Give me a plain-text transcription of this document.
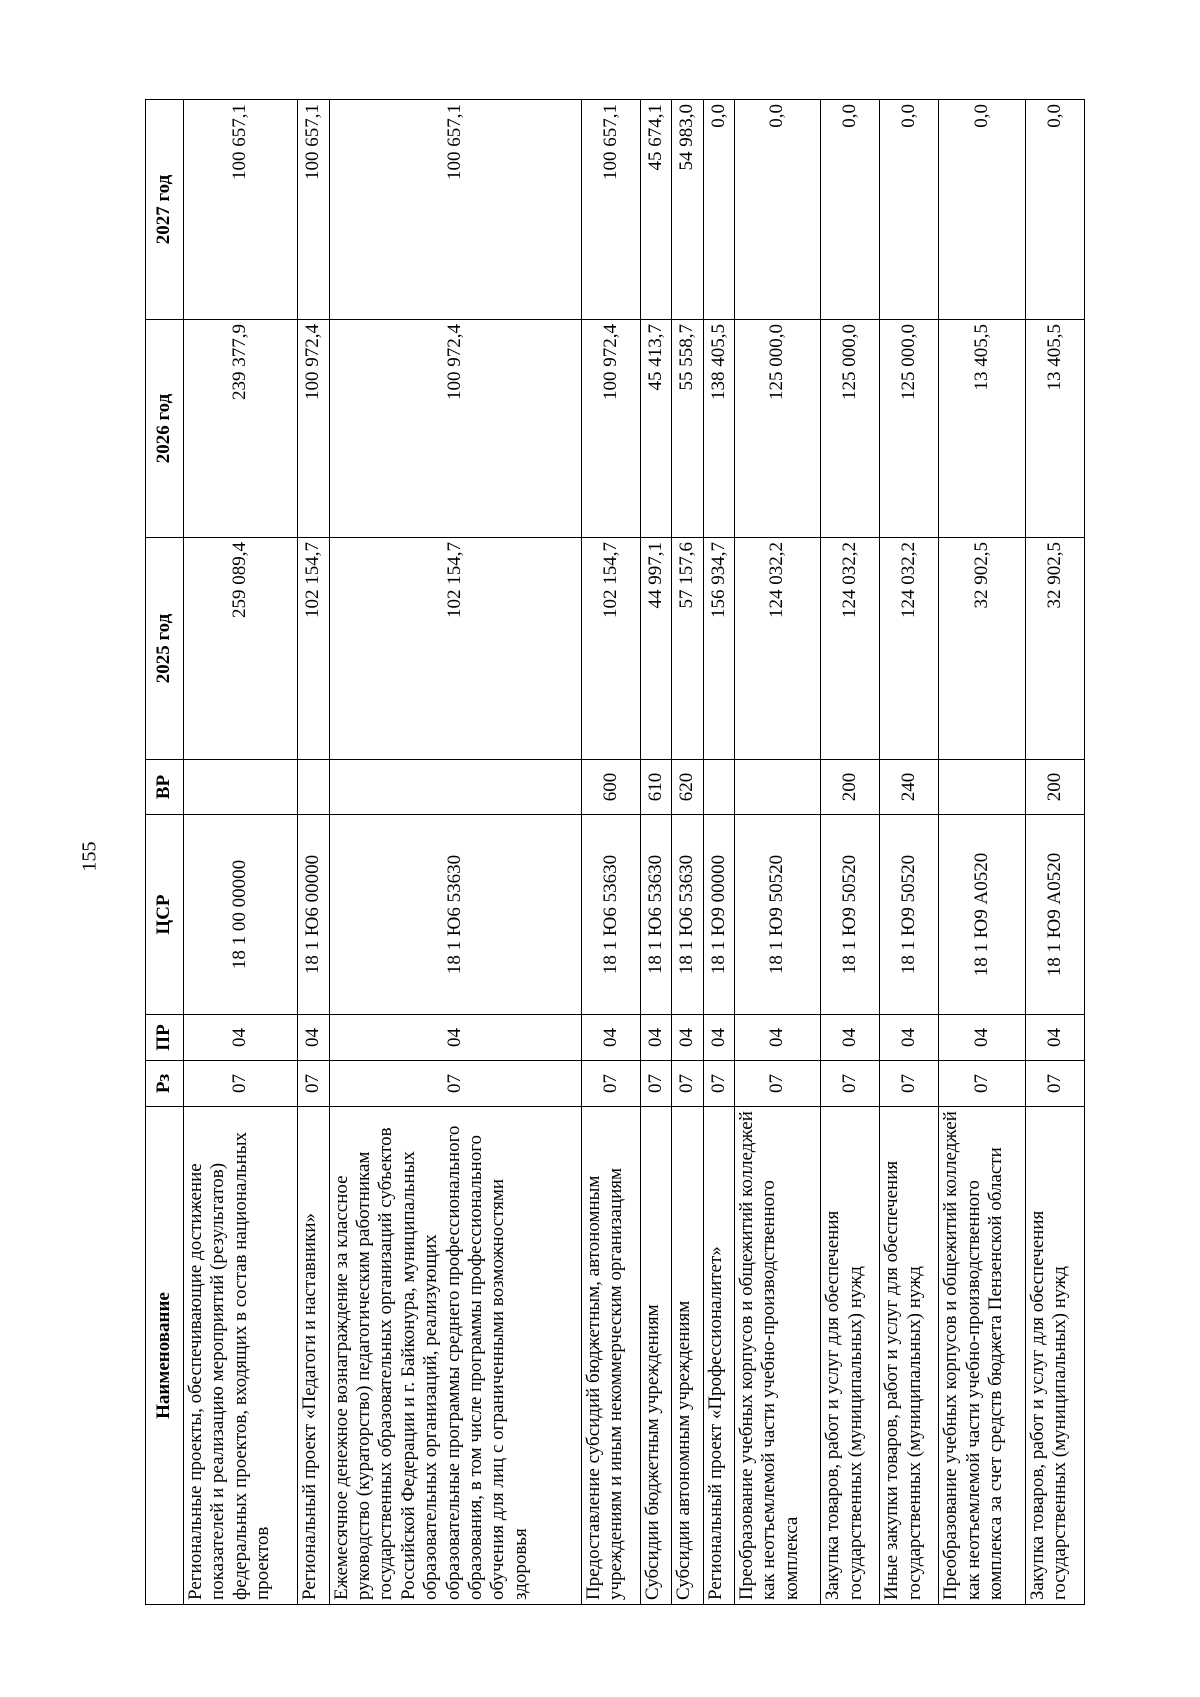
155
Наименование	Рз	ПР	ЦСР	ВР	2025 год	2026 год	2027 год
Региональные проекты, обеспечивающие достижение показателей и реализацию мероприятий (результатов) федеральных проектов, входящих в состав национальных проектов	07	04	18 1 00 00000		259 089,4	239 377,9	100 657,1
Региональный проект «Педагоги и наставники»	07	04	18 1 Ю6 00000		102 154,7	100 972,4	100 657,1
Ежемесячное денежное вознаграждение за классное руководство (кураторство) педагогическим работникам государственных образовательных организаций субъектов Российской Федерации и г. Байконура, муниципальных образовательных организаций, реализующих образовательные программы среднего профессионального образования, в том числе программы профессионального обучения для лиц с ограниченными возможностями здоровья	07	04	18 1 Ю6 53630		102 154,7	100 972,4	100 657,1
Предоставление субсидий бюджетным, автономным учреждениям и иным некоммерческим организациям	07	04	18 1 Ю6 53630	600	102 154,7	100 972,4	100 657,1
Субсидии бюджетным учреждениям	07	04	18 1 Ю6 53630	610	44 997,1	45 413,7	45 674,1
Субсидии автономным учреждениям	07	04	18 1 Ю6 53630	620	57 157,6	55 558,7	54 983,0
Региональный проект «Профессионалитет»	07	04	18 1 Ю9 00000		156 934,7	138 405,5	0,0
Преобразование учебных корпусов и общежитий колледжей как неотъемлемой части учебно-производственного комплекса	07	04	18 1 Ю9 50520		124 032,2	125 000,0	0,0
Закупка товаров, работ и услуг для обеспечения государственных (муниципальных) нужд	07	04	18 1 Ю9 50520	200	124 032,2	125 000,0	0,0
Иные закупки товаров, работ и услуг для обеспечения государственных (муниципальных) нужд	07	04	18 1 Ю9 50520	240	124 032,2	125 000,0	0,0
Преобразование учебных корпусов и общежитий колледжей как неотъемлемой части учебно-производственного комплекса за счет средств бюджета Пензенской области	07	04	18 1 Ю9 А0520		32 902,5	13 405,5	0,0
Закупка товаров, работ и услуг для обеспечения государственных (муниципальных) нужд	07	04	18 1 Ю9 А0520	200	32 902,5	13 405,5	0,0
